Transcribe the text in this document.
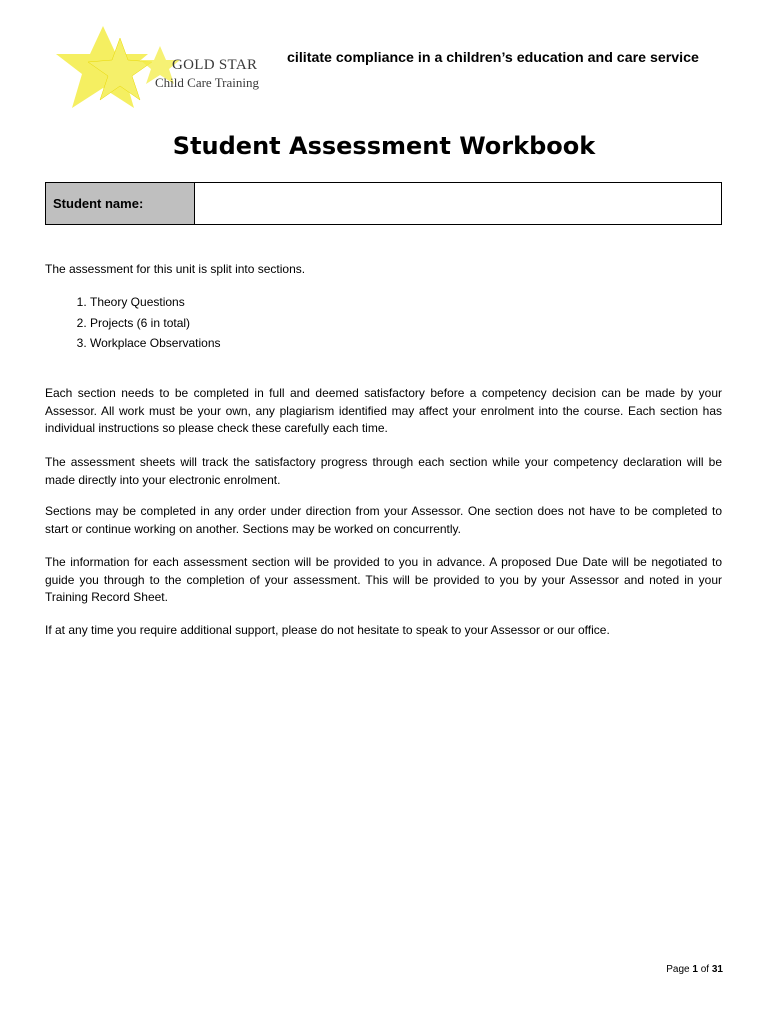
GOLD STAR
Child Care Training
cilitate compliance in a children’s education and care service
Student Assessment Workbook
Student name:

The assessment for this unit is split into sections.

1. Theory Questions
2. Projects (6 in total)
3. Workplace Observations

Each section needs to be completed in full and deemed satisfactory before a competency decision can be made by your Assessor. All work must be your own, any plagiarism identified may affect your enrolment into the course. Each section has individual instructions so please check these carefully each time.

The assessment sheets will track the satisfactory progress through each section while your competency declaration will be made directly into your electronic enrolment.

Sections may be completed in any order under direction from your Assessor. One section does not have to be completed to start or continue working on another. Sections may be worked on concurrently.

The information for each assessment section will be provided to you in advance. A proposed Due Date will be negotiated to guide you through to the completion of your assessment. This will be provided to you by your Assessor and noted in your Training Record Sheet.

If at any time you require additional support, please do not hesitate to speak to your Assessor or our office.

Page 1 of 31
